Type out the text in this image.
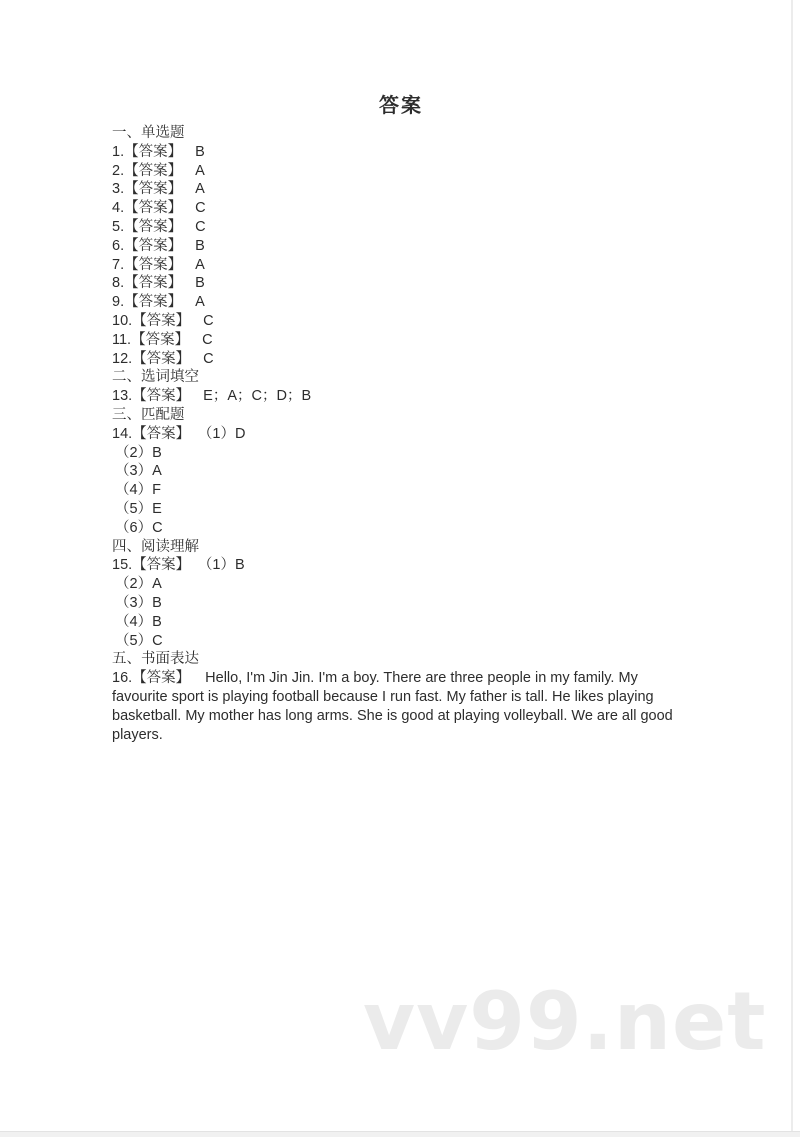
答案

一、单选题

1.【答案】 B

2.【答案】 A

3.【答案】 A

4.【答案】 C

5.【答案】 C

6.【答案】 B

7.【答案】 A

8.【答案】 B

9.【答案】 A

10.【答案】 C

11.【答案】 C

12.【答案】 C

二、选词填空

13.【答案】 E；A；C；D；B

三、匹配题

14.【答案】 （1）D

（2）B

（3）A

（4）F

（5）E

（6）C

四、阅读理解

15.【答案】 （1）B

（2）A

（3）B

（4）B

（5）C

五、书面表达

16.【答案】 Hello, I'm Jin Jin. I'm a boy. There are three people in my family. My favourite sport is playing football because I run fast. My father is tall. He likes playing basketball. My mother has long arms. She is good at playing volleyball. We are all good players.

vv99.net
